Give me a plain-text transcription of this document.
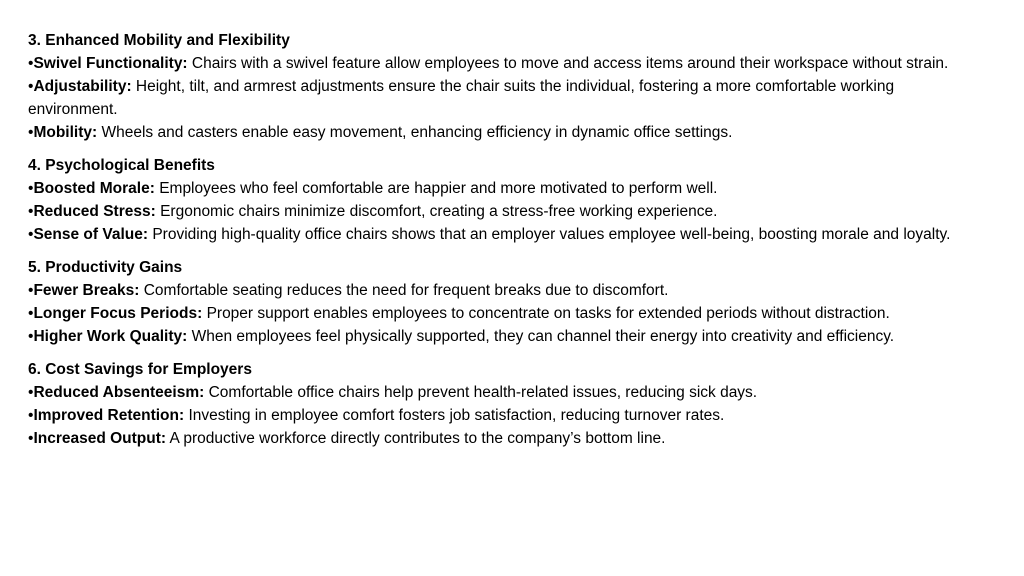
3. Enhanced Mobility and Flexibility

•Swivel Functionality: Chairs with a swivel feature allow employees to move and access items around their workspace without strain.

•Adjustability: Height, tilt, and armrest adjustments ensure the chair suits the individual, fostering a more comfortable working environment.

•Mobility: Wheels and casters enable easy movement, enhancing efficiency in dynamic office settings.

4. Psychological Benefits

•Boosted Morale: Employees who feel comfortable are happier and more motivated to perform well.

•Reduced Stress: Ergonomic chairs minimize discomfort, creating a stress-free working experience.

•Sense of Value: Providing high-quality office chairs shows that an employer values employee well-being, boosting morale and loyalty.

5. Productivity Gains

•Fewer Breaks: Comfortable seating reduces the need for frequent breaks due to discomfort.

•Longer Focus Periods: Proper support enables employees to concentrate on tasks for extended periods without distraction.

•Higher Work Quality: When employees feel physically supported, they can channel their energy into creativity and efficiency.

6. Cost Savings for Employers

•Reduced Absenteeism: Comfortable office chairs help prevent health-related issues, reducing sick days.

•Improved Retention: Investing in employee comfort fosters job satisfaction, reducing turnover rates.

•Increased Output: A productive workforce directly contributes to the company’s bottom line.
